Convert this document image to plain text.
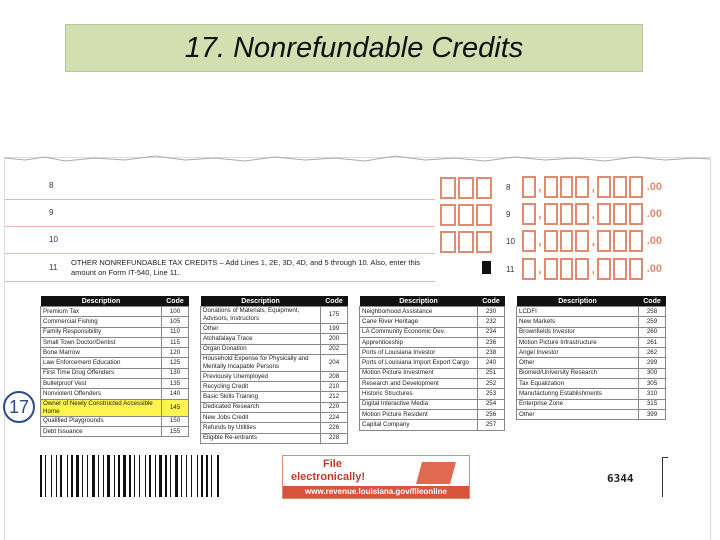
17. Nonrefundable Credits
8	8 ,	,	.00
9	9 ,	,	.00
10	10 ,	,	.00
11
OTHER NONREFUNDABLE TAX CREDITS – Add Lines 1, 2E, 3D, 4D, and 5 through 10. Also, enter this amount on Form IT-540, Line 11.	11 ,	,	.00
17
Description	Code
Premium Tax	100
Commercial Fishing	105
Family Responsibility	110
Small Town Doctor/Dentist	115
Bone Marrow	120
Law Enforcement Education	125
First Time Drug Offenders	130
Bulletproof Vest	135
Nonviolent Offenders	140
Owner of Newly Constructed Accessible Home	145
Qualified Playgrounds	150
Debt Issuance	155
Description	Code
Donations of Materials, Equipment, Advisors, Instructors	175
Other	199
Atchafalaya Trace	200
Organ Donation	202
Household Expense for Physically and Mentally Incapable Persons	204
Previously Unemployed	208
Recycling Credit	210
Basic Skills Training	212
Dedicated Research	220
New Jobs Credit	224
Refunds by Utilities	226
Eligible Re-entrants	228
Description	Code
Neighborhood Assistance	230
Cane River Heritage	232
LA Community Economic Dev.	234
Apprenticeship	236
Ports of Louisiana Investor	238
Ports of Louisiana Import Export Cargo	240
Motion Picture Investment	251
Research and Development	252
Historic Structures	253
Digital Interactive Media	254
Motion Picture Resident	256
Capital Company	257
Description	Code
LCDFI	258
New Markets	259
Brownfields Investor	260
Motion Picture Infrastructure	261
Angel Investor	262
Other	299
Biomed/University Research	300
Tax Equalization	305
Manufacturing Establishments	310
Enterprise Zone	315
Other	399
File
electronically!
www.revenue.louisiana.gov/fileonline
6344
